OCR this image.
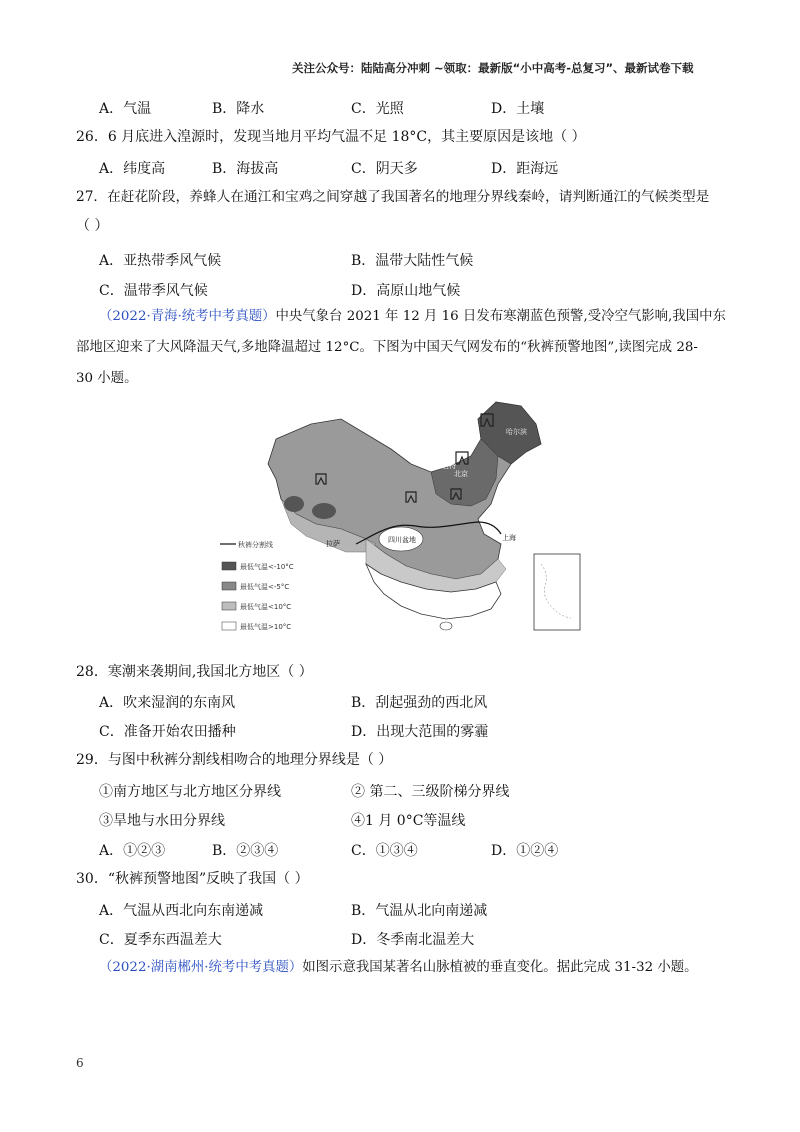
关注公众号：陆陆高分冲刺 ~领取：最新版“小中高考-总复习”、最新试卷下载
A．气温	B．降水	C．光照	D．土壤
26．6 月底进入湟源时，发现当地月平均气温不足 18°C，其主要原因是该地（ ）
A．纬度高	B．海拔高	C．阴天多	D．距海远
27．在赶花阶段，养蜂人在通江和宝鸡之间穿越了我国著名的地理分界线秦岭，请判断通江的气候类型是
（ ）
A．亚热带季风气候	B．温带大陆性气候
C．温带季风气候	D．高原山地气候
（2022·青海·统考中考真题）中央气象台 2021 年 12 月 16 日发布寒潮蓝色预警,受冷空气影响,我国中东
部地区迎来了大风降温天气,多地降温超过 12°C。下图为中国天气网发布的“秋裤预警地图”,读图完成 28-
30 小题。
哈尔滨
北京
呼和浩特
拉萨	四川盆地	上海
秋裤分割线
最低气温<-10°C
最低气温<-5°C
最低气温<10°C
最低气温>10°C
28．寒潮来袭期间,我国北方地区（ ）
A．吹来湿润的东南风	B．刮起强劲的西北风
C．准备开始农田播种	D．出现大范围的雾霾
29．与图中秋裤分割线相吻合的地理分界线是（ ）
①南方地区与北方地区分界线	② 第二、三级阶梯分界线
③旱地与水田分界线	④1 月 0°C等温线
A．①②③	B．②③④	C．①③④	D．①②④
30．“秋裤预警地图”反映了我国（ ）
A．气温从西北向东南递减	B．气温从北向南递减
C．夏季东西温差大	D．冬季南北温差大
（2022·湖南郴州·统考中考真题）如图示意我国某著名山脉植被的垂直变化。据此完成 31-32 小题。
6
